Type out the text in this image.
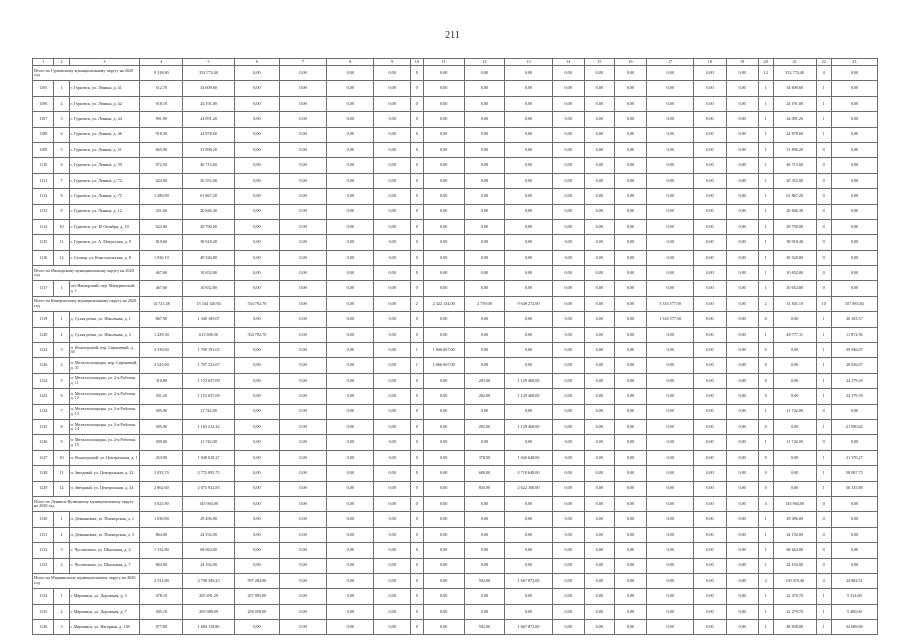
211
1	2	3	4	5	6	7	8	9	10	11	12	13	14	15	16	17	18	19	20	21	22	23
Итого по Гурьевскому муниципальному округу на 2020 год			9 318,80	352 774,40	0,00	0,00	0,00	0,00	0	0,00	0,00	0,00	0,00	0,00	0,00	0,00	0,00	0,00	12	352 774,40	4	0,00
1105	1	г. Гурьевск, ул. Ленина, д. 41	512,70	34 609,60	0,00	0,00	0,00	0,00	0	0,00	0,00	0,00	0,00	0,00	0,00	0,00	0,00	0,00	1	34 609,60	1	0,00
1106	2	г. Гурьевск, ул. Ленина, д. 42	918,10	24 191,00	0,00	0,00	0,00	0,00	0	0,00	0,00	0,00	0,00	0,00	0,00	0,00	0,00	0,00	1	24 191,00	1	0,00
1107	3	г. Гурьевск, ул. Ленина, д. 44	901,90	24 091,20	0,00	0,00	0,00	0,00	0	0,00	0,00	0,00	0,00	0,00	0,00	0,00	0,00	0,00	1	24 091,20	1	0,00
1108	4	г. Гурьевск, ул. Ленина, д. 46	918,30	24 878,60	0,00	0,00	0,00	0,00	0	0,00	0,00	0,00	0,00	0,00	0,00	0,00	0,00	0,00	1	24 878,60	1	0,00
1109	5	г. Гурьевск, ул. Ленина, д. 51	665,90	31 896,20	0,00	0,00	0,00	0,00	0	0,00	0,00	0,00	0,00	0,00	0,00	0,00	0,00	0,00	1	31 896,20	0	0,00
1110	6	г. Гурьевск, ул. Ленина, д. 59	972,50	46 715,60	0,00	0,00	0,00	0,00	0	0,00	0,00	0,00	0,00	0,00	0,00	0,00	0,00	0,00	1	46 715,60	0	0,00
1111	7	г. Гурьевск, ул. Ленина, д. 72	424,00	20 352,00	0,00	0,00	0,00	0,00	0	0,00	0,00	0,00	0,00	0,00	0,00	0,00	0,00	0,00	1	20 352,00	0	0,00
1112	8	г. Гурьевск, ул. Ленина, д. 75	1 280,90	61 867,20	0,00	0,00	0,00	0,00	0	0,00	0,00	0,00	0,00	0,00	0,00	0,00	0,00	0,00	1	61 867,20	0	0,00
1113	9	г. Гурьевск, ул. Ленина, д. 12	431,60	20 846,30	0,00	0,00	0,00	0,00	0	0,00	0,00	0,00	0,00	0,00	0,00	0,00	0,00	0,00	1	20 846,30	0	0,00
1114	10	г. Гурьевск, ул. 30 Октября, д. 10	623,00	29 790,00	0,00	0,00	0,00	0,00	0	0,00	0,00	0,00	0,00	0,00	0,00	0,00	0,00	0,00	1	29 790,00	0	0,00
1115	11	г. Гурьевск, ул. А. Матросова, д. 9	819,60	38 918,40	0,00	0,00	0,00	0,00	0	0,00	0,00	0,00	0,00	0,00	0,00	0,00	0,00	0,00	1	38 918,40	0	0,00
1116	12	г. Салаир, ул. Комсомольская, д. 8	1 030,10	49 520,80	0,00	0,00	0,00	0,00	0	0,00	0,00	0,00	0,00	0,00	0,00	0,00	0,00	0,00	1	49 520,80	0	0,00
Итого по Ижморскому муниципальному округу на 2020 год			467,60	10 652,80	0,00	0,00	0,00	0,00	0	0,00	0,00	0,00	0,00	0,00	0,00	0,00	0,00	0,00	1	10 652,80	0	0,00
1117	1	пгт Ижморский, пер. Мичуринский, д. 1	467,60	10 652,80	0,00	0,00	0,00	0,00	0	0,00	0,00	0,00	0,00	0,00	0,00	0,00	0,00	0,00	1	10 652,80	0	0,00
Итого по Кемеровскому муниципальному округу на 2020 год			14 721,48	15 344 120,94	554 792,70	0,00	0,00	0,00	2	2 322 134,00	2 759,00	9 649 272,00	0,00	0,00	0,00	3 316 577,50	0,00	0,00	2	31 841,10	10	357 883,84
1119	1	д. Сухая речка, ул. Школьная, д. 1	867,90	1 340 169,07	0,00	0,00	0,00	0,00	0	0,00	0,00	0,00	0,00	0,00	0,00	1 316 577,50	0,00	0,00	0	0,00	1	26 183,57
1120	2	д. Сухая речка, ул. Школьная, д. 3	1 429,30	615 608,56	554 792,70	0,00	0,00	0,00	0	0,00	0,00	0,00	0,00	0,00	0,00	0,00	0,00	0,00	1	48 777,11	1	11 872,56
1124	3	п. Ясногорский, пер. Сиреневый, д. 30	3 339,60	1 700 191,03	0,00	0,00	0,00	0,00	1	1 666 667,00	0,00	0,00	0,00	0,00	0,00	0,00	0,00	0,00	0	0,00	1	29 946,07
1126	4	п. Металлплощадка, пер. Сиреневый, д. 31	2 525,60	1 707 323,67	0,00	0,00	0,00	0,00	1	1 666 667,00	0,00	0,00	0,00	0,00	0,00	0,00	0,00	0,00	0	0,00	1	28 656,07
1122	5	п. Металлплощадка, ул. 2-я Рабочая, д. 11	310,80	1 153 637,09	0,00	0,00	0,00	0,00	0	0,00	283,00	1 129 468,00	0,00	0,00	0,00	0,00	0,00	0,00	0	0,00	1	24 179,39
1123	6	п. Металлплощадка, ул. 2-я Рабочая, д. 12	301,20	1 153 637,09	0,00	0,00	0,00	0,00	0	0,00	282,00	1 129 468,00	0,00	0,00	0,00	0,00	0,00	0,00	0	0,00	1	24 179,39
1124	7	п. Металлплощадка, ул. 2-я Рабочая, д. 13	305,90	11 742,00	0,00	0,00	0,00	0,00	0	0,00	0,00	0,00	0,00	0,00	0,00	0,00	0,00	0,00	1	11 742,00	0	0,00
1125	8	п. Металлплощадка, ул. 2-я Рабочая, д. 14	305,90	1 163 212,42	0,00	0,00	0,00	0,00	0	0,00	283,00	1 129 468,00	0,00	0,00	0,00	0,00	0,00	0,00	0	0,00	1	21 990,62
1126	9	п. Металлплощадка, ул. 2-я Рабочая, д. 15	309,00	11 742,00	0,00	0,00	0,00	0,00	0	0,00	0,00	0,00	0,00	0,00	0,00	0,00	0,00	0,00	1	11 742,00	0	0,00
1127	10	п. Ясногорский, ул. Центральная, д. 1	453,90	1 048 018,27	0,00	0,00	0,00	0,00	0	0,00	378,00	1 026 648,00	0,00	0,00	0,00	0,00	0,00	0,00	0	0,00	1	21 370,27
1128	11	п. Звёздный, ул. Центральная, д. 22	3 033,70	2 772 095,75	0,00	0,00	0,00	0,00	0	0,00	688,00	2 718 648,00	0,00	0,00	0,00	0,00	0,00	0,00	0	0,00	1	58 087,75
1129	12	п. Звёздный, ул. Центральная, д. 24	2 862,60	2 675 932,83	0,00	0,00	0,00	0,00	0	0,00	845,00	2 622 168,00	0,00	0,00	0,00	0,00	0,00	0,00	0	0,00	1	56 135,80
Итого по Ленинск-Кузнецкому муниципальному округу на 2020 год			3 025,80	145 904,00	0,00	0,00	0,00	0,00	0	0,00	0,00	0,00	0,00	0,00	0,00	0,00	0,00	0,00	4	145 904,00	0	0,00
1130	1	п. Демьяновка, ул. Пионерская, д. 1	1 030,80	29 496,00	0,00	0,00	0,00	0,00	0	0,00	0,00	0,00	0,00	0,00	0,00	0,00	0,00	0,00	1	29 496,00	0	0,00
1131	2	п. Демьяновка, ул. Пионерская, д. 3	864,00	24 192,00	0,00	0,00	0,00	0,00	0	0,00	0,00	0,00	0,00	0,00	0,00	0,00	0,00	0,00	1	24 192,00	0	0,00
1132	3	с. Чусовитино, ул. Школьная, д. 2	1 132,80	68 664,00	0,00	0,00	0,00	0,00	0	0,00	0,00	0,00	0,00	0,00	0,00	0,00	0,00	0,00	1	68 664,00	0	0,00
1133	4	с. Чусовитино, ул. Школьная, д. 7	864,00	24 192,00	0,00	0,00	0,00	0,00	0	0,00	0,00	0,00	0,00	0,00	0,00	0,00	0,00	0,00	1	24 192,00	0	0,00
Итого по Мариинскому муниципальному округу на 2020 год			2 531,80	2 798 349,23	597 284,00	0,00	0,00	0,00	0	0,00	592,00	1 667 872,00	0,00	0,00	0,00	0,00	0,00	0,00	4	130 319,40	4	24 882,51
1134	1	г. Мариинск, ул. Дорожная, д. 3	478,10	205 491,29	257 083,00	0,00	0,00	0,00	0	0,00	0,00	0,00	0,00	0,00	0,00	0,00	0,00	0,00	1	22 470,70	1	5 314,60
1135	2	г. Мариинск, ул. Дорожная, д. 7	495,10	205 988,09	256 058,00	0,00	0,00	0,00	0	0,00	0,00	0,00	0,00	0,00	0,00	0,00	0,00	0,00	1	22 279,70	1	5 480,00
1136	3	г. Мариинск, ул. Нагорная, д. 138	977,80	1 684 118,86	0,00	0,00	0,00	0,00	0	0,00	592,00	1 667 872,00	0,00	0,00	0,00	0,00	0,00	0,00	1	48 838,00	1	34 689,60
